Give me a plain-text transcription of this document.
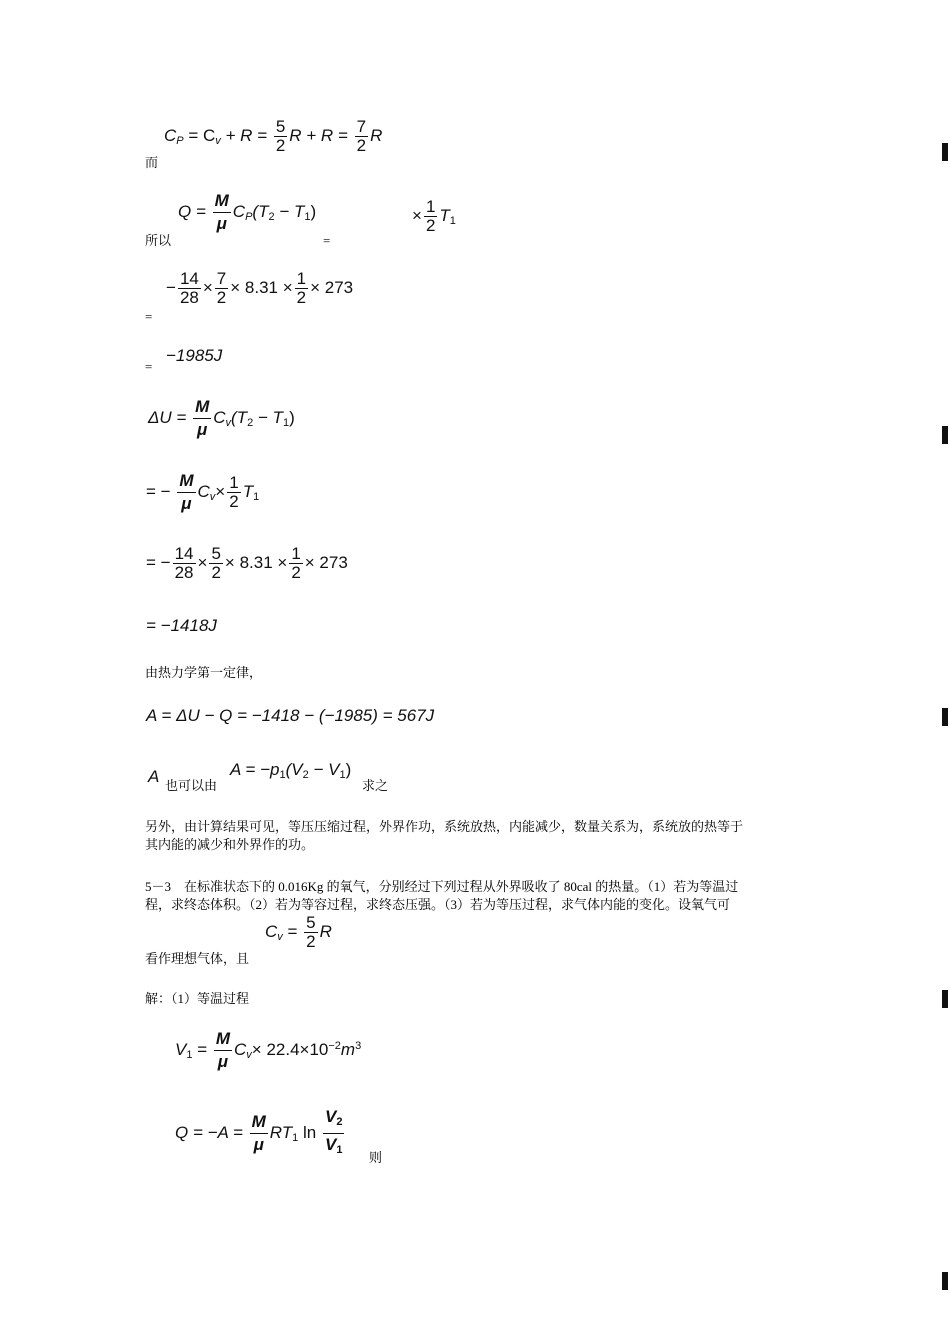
$C_P = C_v + R = \frac{5}{2}$ $R + R = \frac{7}{2}$ R
而
$Q = \frac{M}{\mu} C_P(T_2 - T_1)$
所以	=
× $\frac{1}{2} T_1$
=
− $\frac{14}{28} \times \frac{7}{2} \times 8.31 \times \frac{1}{2} \times 273$
=
−1985J
$\Delta U = \frac{M}{\mu} C_v(T_2 - T_1)$
= − $\frac{M}{\mu} C_v\times \frac{1}{2} T_1$
= − $\frac{14}{28} \times \frac{5}{2} \times 8.31 \times \frac{1}{2} \times 273$
= −1418J
由热力学第一定律，
A = ΔU − Q = −1418 − (−1985) = 567J
A 也可以由
$A = -p_1(V_2 - V_1)$
求之
另外，由计算结果可见，等压压缩过程，外界作功，系统放热，内能减少，数量关系为，系统放的热等于
其内能的减少和外界作的功。
5－3　在标准状态下的 0.016Kg 的氧气，分别经过下列过程从外界吸收了 80cal 的热量。（1）若为等温过
程，求终态体积。（2）若为等容过程，求终态压强。（3）若为等压过程，求气体内能的变化。设氧气可
$C_v = \frac{5}{2}$ R
看作理想气体，且
解：（1）等温过程
$V_1 = \frac{M}{\mu} C_v\times 22.4\times 10^{-2}m^3$
$Q = -A = \frac{M}{\mu} RT_1$ $\ln \frac{V_2}{V_1}$ 则
